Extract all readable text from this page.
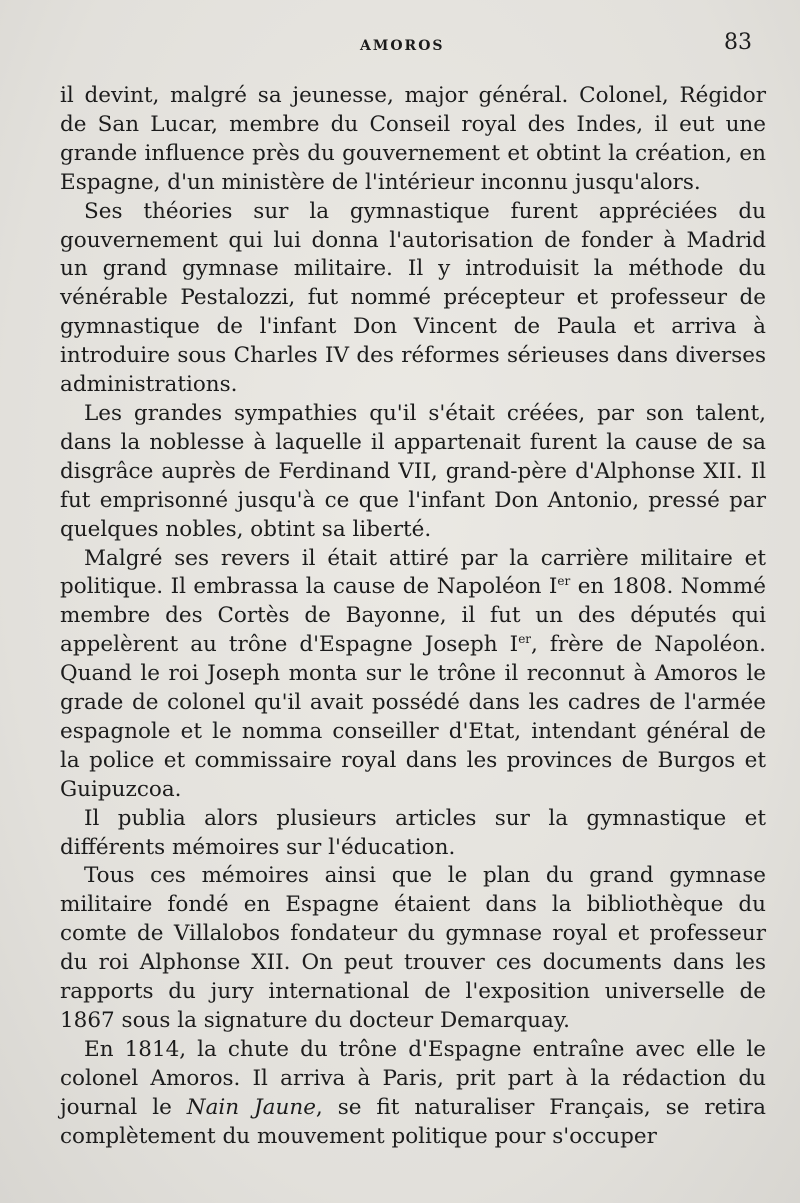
AMOROS	83

il devint, malgré sa jeunesse, major général. Colonel, Régidor de San Lucar, membre du Conseil royal des Indes, il eut une grande influence près du gouvernement et obtint la création, en Espagne, d'un ministère de l'intérieur inconnu jusqu'alors.

Ses théories sur la gymnastique furent appréciées du gouvernement qui lui donna l'autorisation de fonder à Madrid un grand gymnase militaire. Il y introduisit la méthode du vénérable Pestalozzi, fut nommé précepteur et professeur de gymnastique de l'infant Don Vincent de Paula et arriva à introduire sous Charles IV des réformes sérieuses dans diverses administrations.

Les grandes sympathies qu'il s'était créées, par son talent, dans la noblesse à laquelle il appartenait furent la cause de sa disgrâce auprès de Ferdinand VII, grand-père d'Alphonse XII. Il fut emprisonné jusqu'à ce que l'infant Don Antonio, pressé par quelques nobles, obtint sa liberté.

Malgré ses revers il était attiré par la carrière militaire et politique. Il embrassa la cause de Napoléon Ier en 1808. Nommé membre des Cortès de Bayonne, il fut un des députés qui appelèrent au trône d'Espagne Joseph Ier, frère de Napoléon. Quand le roi Joseph monta sur le trône il reconnut à Amoros le grade de colonel qu'il avait possédé dans les cadres de l'armée espagnole et le nomma conseiller d'Etat, intendant général de la police et commissaire royal dans les provinces de Burgos et Guipuzcoa.

Il publia alors plusieurs articles sur la gymnastique et différents mémoires sur l'éducation.

Tous ces mémoires ainsi que le plan du grand gymnase militaire fondé en Espagne étaient dans la bibliothèque du comte de Villalobos fondateur du gymnase royal et professeur du roi Alphonse XII. On peut trouver ces documents dans les rapports du jury international de l'exposition universelle de 1867 sous la signature du docteur Demarquay.

En 1814, la chute du trône d'Espagne entraîne avec elle le colonel Amoros. Il arriva à Paris, prit part à la rédaction du journal le Nain Jaune, se fit naturaliser Français, se retira complètement du mouvement politique pour s'occuper
